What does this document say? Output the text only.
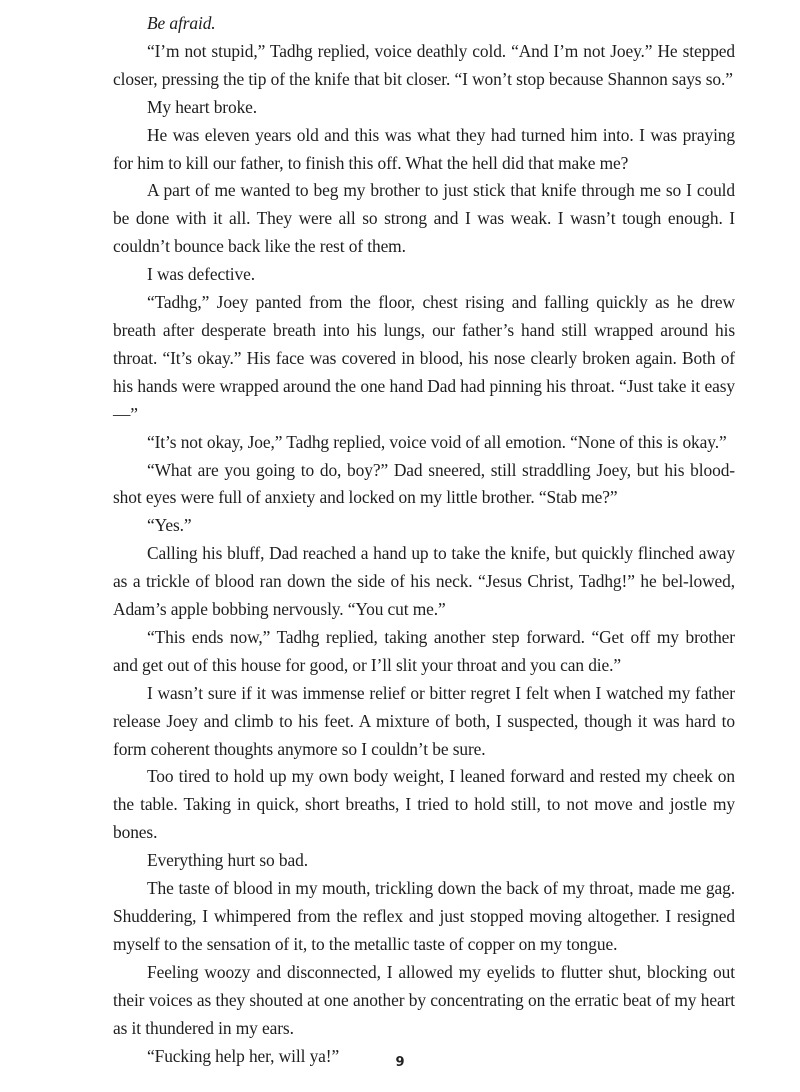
Be afraid.

“I’m not stupid,” Tadhg replied, voice deathly cold. “And I’m not Joey.” He stepped closer, pressing the tip of the knife that bit closer. “I won’t stop because Shannon says so.”

My heart broke.

He was eleven years old and this was what they had turned him into. I was praying for him to kill our father, to finish this off. What the hell did that make me?

A part of me wanted to beg my brother to just stick that knife through me so I could be done with it all. They were all so strong and I was weak. I wasn’t tough enough. I couldn’t bounce back like the rest of them.

I was defective.

“Tadhg,” Joey panted from the floor, chest rising and falling quickly as he drew breath after desperate breath into his lungs, our father’s hand still wrapped around his throat. “It’s okay.” His face was covered in blood, his nose clearly broken again. Both of his hands were wrapped around the one hand Dad had pinning his throat. “Just take it easy—”

“It’s not okay, Joe,” Tadhg replied, voice void of all emotion. “None of this is okay.”

“What are you going to do, boy?” Dad sneered, still straddling Joey, but his blood-shot eyes were full of anxiety and locked on my little brother. “Stab me?”

“Yes.”

Calling his bluff, Dad reached a hand up to take the knife, but quickly flinched away as a trickle of blood ran down the side of his neck. “Jesus Christ, Tadhg!” he bel-lowed, Adam’s apple bobbing nervously. “You cut me.”

“This ends now,” Tadhg replied, taking another step forward. “Get off my brother and get out of this house for good, or I’ll slit your throat and you can die.”

I wasn’t sure if it was immense relief or bitter regret I felt when I watched my father release Joey and climb to his feet. A mixture of both, I suspected, though it was hard to form coherent thoughts anymore so I couldn’t be sure.

Too tired to hold up my own body weight, I leaned forward and rested my cheek on the table. Taking in quick, short breaths, I tried to hold still, to not move and jostle my bones.

Everything hurt so bad.

The taste of blood in my mouth, trickling down the back of my throat, made me gag. Shuddering, I whimpered from the reflex and just stopped moving altogether. I resigned myself to the sensation of it, to the metallic taste of copper on my tongue.

Feeling woozy and disconnected, I allowed my eyelids to flutter shut, blocking out their voices as they shouted at one another by concentrating on the erratic beat of my heart as it thundered in my ears.

“Fucking help her, will ya!”	9
